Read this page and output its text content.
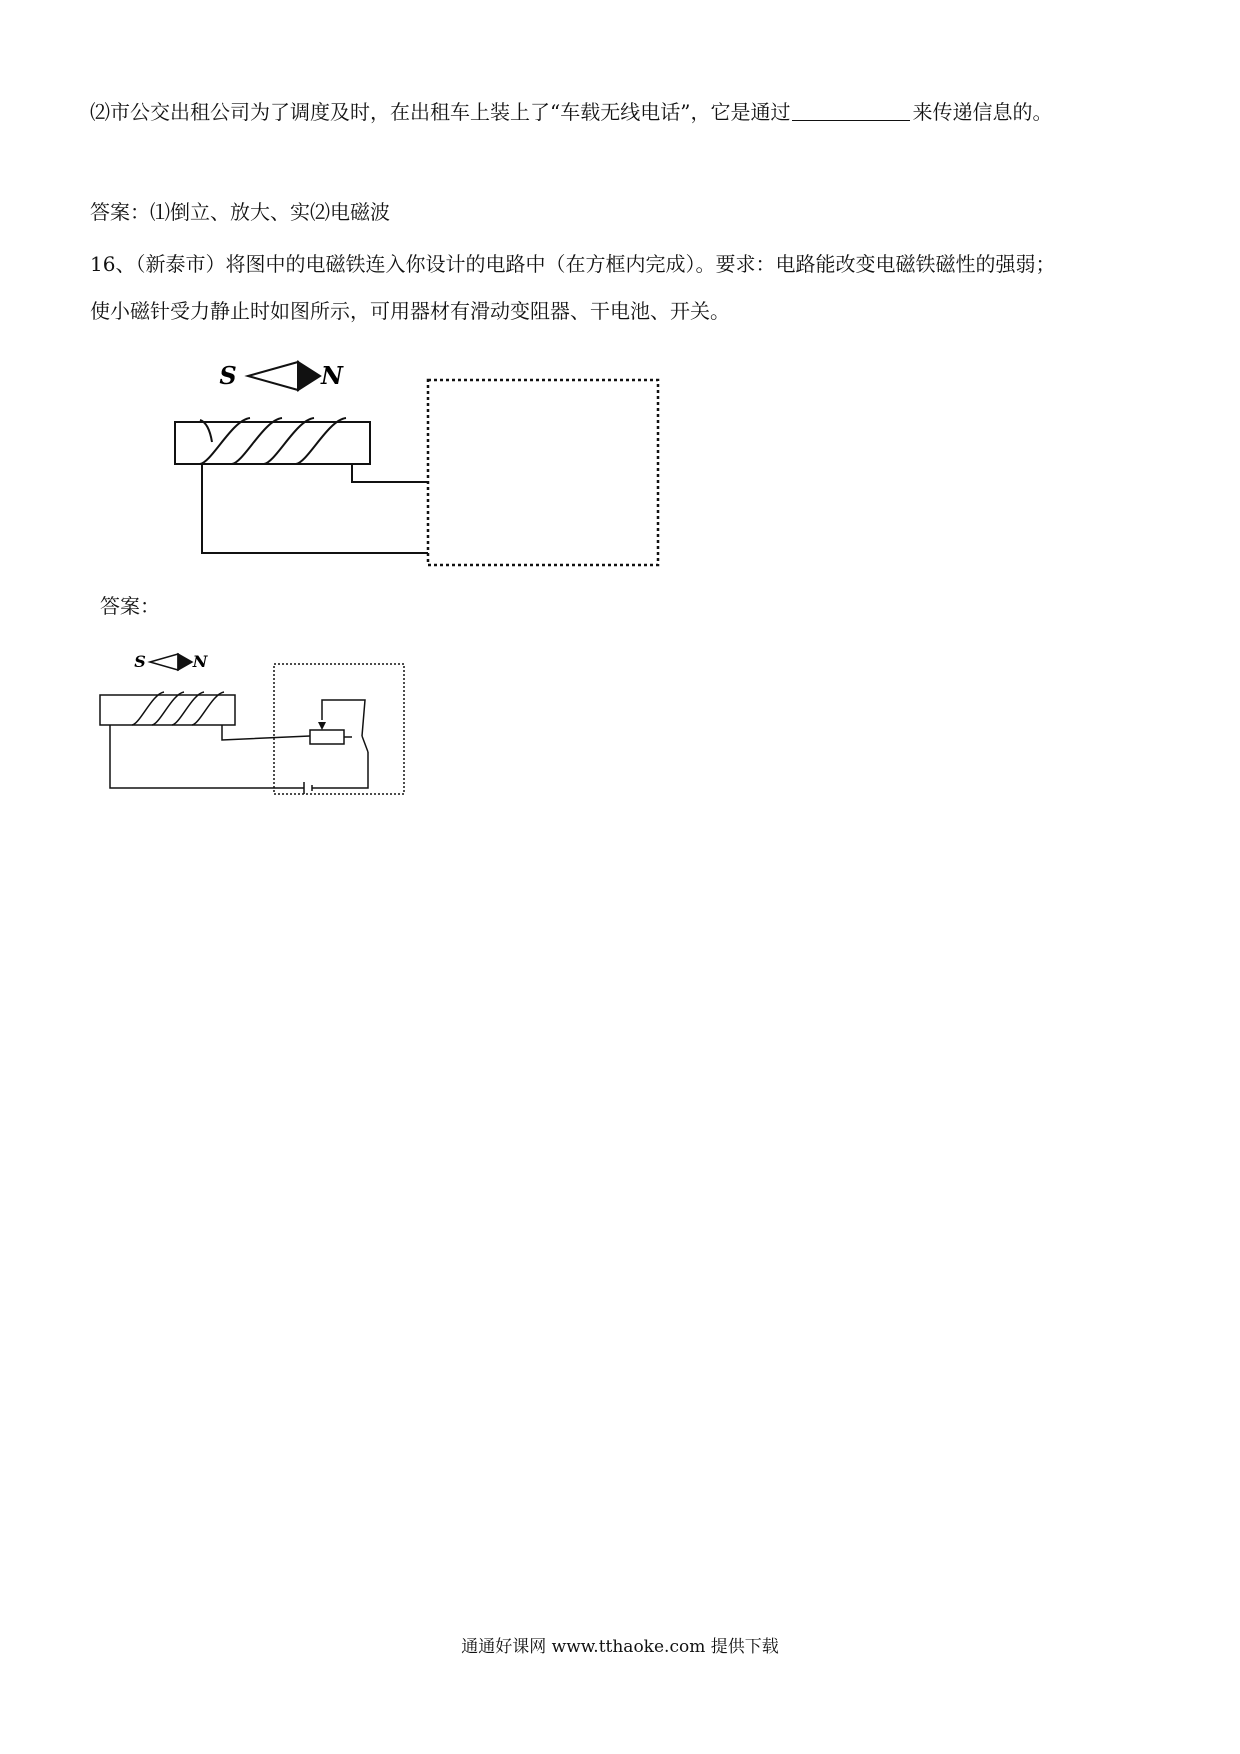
⑵市公交出租公司为了调度及时，在出租车上装上了“车载无线电话”，它是通过	来传递信息的。
答案：⑴倒立、放大、实⑵电磁波
16、（新泰市）将图中的电磁铁连入你设计的电路中（在方框内完成）。要求：电路能改变电磁铁磁性的强弱；
使小磁针受力静止时如图所示，可用器材有滑动变阻器、干电池、开关。
S	N
答案：
S	N
通通好课网 www.tthaoke.com 提供下载
